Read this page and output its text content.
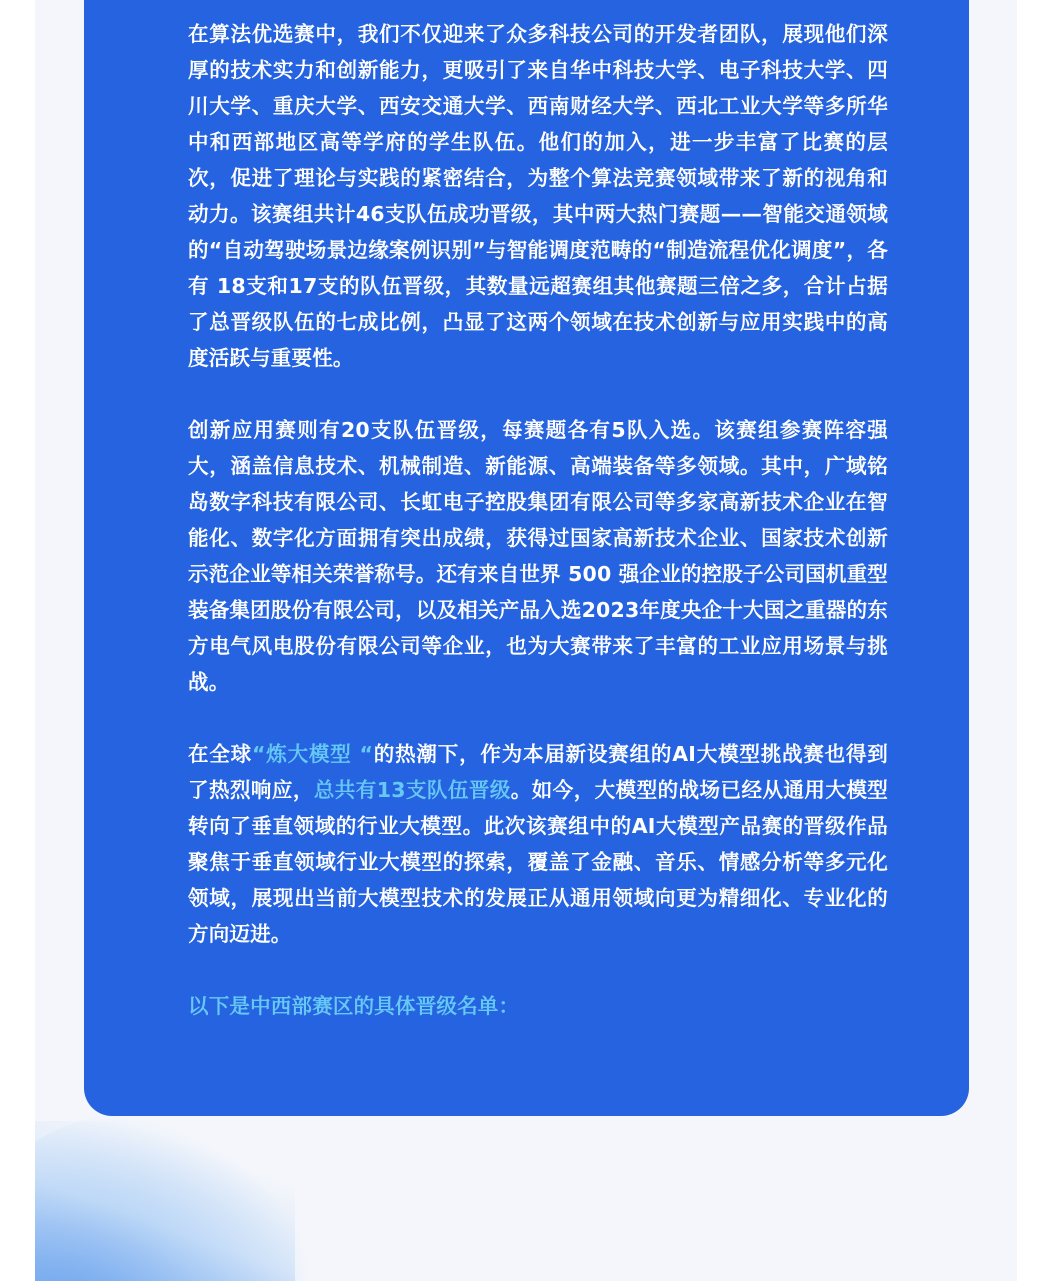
在算法优选赛中，我们不仅迎来了众多科技公司的开发者团队，展现他们深厚的技术实力和创新能力，更吸引了来自华中科技大学、电子科技大学、四川大学、重庆大学、西安交通大学、西南财经大学、西北工业大学等多所华中和西部地区高等学府的学生队伍。他们的加入，进一步丰富了比赛的层次，促进了理论与实践的紧密结合，为整个算法竞赛领域带来了新的视角和动力。该赛组共计46支队伍成功晋级，其中两大热门赛题——智能交通领域的“自动驾驶场景边缘案例识别”与智能调度范畴的“制造流程优化调度”，各有 18支和17支的队伍晋级，其数量远超赛组其他赛题三倍之多，合计占据了总晋级队伍的七成比例，凸显了这两个领域在技术创新与应用实践中的高度活跃与重要性。

创新应用赛则有20支队伍晋级，每赛题各有5队入选。该赛组参赛阵容强大，涵盖信息技术、机械制造、新能源、高端装备等多领域。其中，广域铭岛数字科技有限公司、长虹电子控股集团有限公司等多家高新技术企业在智能化、数字化方面拥有突出成绩，获得过国家高新技术企业、国家技术创新示范企业等相关荣誉称号。还有来自世界 500 强企业的控股子公司国机重型装备集团股份有限公司，以及相关产品入选2023年度央企十大国之重器的东方电气风电股份有限公司等企业，也为大赛带来了丰富的工业应用场景与挑战。

在全球“炼大模型 “的热潮下，作为本届新设赛组的AI大模型挑战赛也得到了热烈响应，总共有13支队伍晋级。如今，大模型的战场已经从通用大模型转向了垂直领域的行业大模型。此次该赛组中的AI大模型产品赛的晋级作品聚焦于垂直领域行业大模型的探索，覆盖了金融、音乐、情感分析等多元化领域，展现出当前大模型技术的发展正从通用领域向更为精细化、专业化的方向迈进。

以下是中西部赛区的具体晋级名单：
